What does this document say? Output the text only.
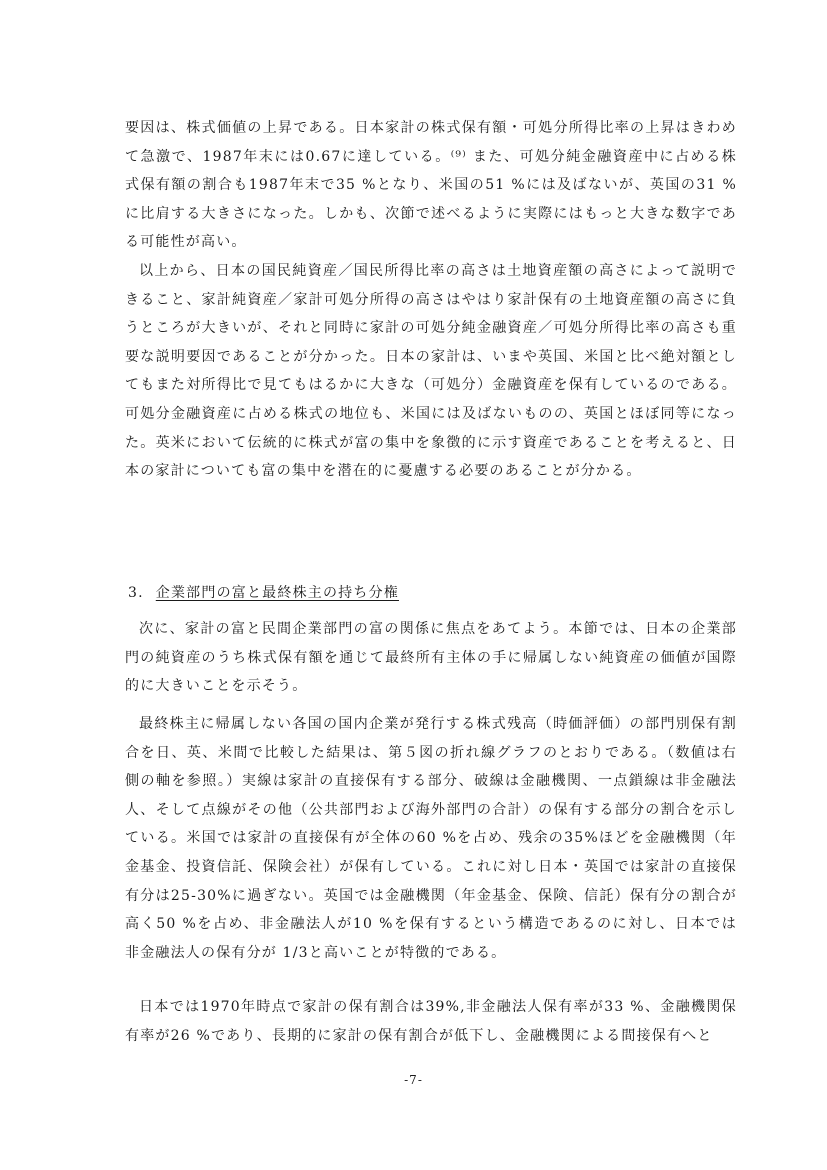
要因は、株式価値の上昇である。日本家計の株式保有額・可処分所得比率の上昇はきわめて急激で、1987年末には0.67に達している。⁽⁹⁾ また、可処分純金融資産中に占める株式保有額の割合も1987年末で35 %となり、米国の51 %には及ばないが、英国の31 %に比肩する大きさになった。しかも、次節で述べるように実際にはもっと大きな数字である可能性が高い。

以上から、日本の国民純資産／国民所得比率の高さは土地資産額の高さによって説明できること、家計純資産／家計可処分所得の高さはやはり家計保有の土地資産額の高さに負うところが大きいが、それと同時に家計の可処分純金融資産／可処分所得比率の高さも重要な説明要因であることが分かった。日本の家計は、いまや英国、米国と比べ絶対額としてもまた対所得比で見てもはるかに大きな（可処分）金融資産を保有しているのである。可処分金融資産に占める株式の地位も、米国には及ばないものの、英国とほぼ同等になった。英米において伝統的に株式が富の集中を象徴的に示す資産であることを考えると、日本の家計についても富の集中を潜在的に憂慮する必要のあることが分かる。

3. 企業部門の富と最終株主の持ち分権

次に、家計の富と民間企業部門の富の関係に焦点をあてよう。本節では、日本の企業部門の純資産のうち株式保有額を通じて最終所有主体の手に帰属しない純資産の価値が国際的に大きいことを示そう。

最終株主に帰属しない各国の国内企業が発行する株式残高（時価評価）の部門別保有割合を日、英、米間で比較した結果は、第５図の折れ線グラフのとおりである。（数値は右側の軸を参照。）実線は家計の直接保有する部分、破線は金融機関、一点鎖線は非金融法人、そして点線がその他（公共部門および海外部門の合計）の保有する部分の割合を示している。米国では家計の直接保有が全体の60 %を占め、残余の35%ほどを金融機関（年金基金、投資信託、保険会社）が保有している。これに対し日本・英国では家計の直接保有分は25-30%に過ぎない。英国では金融機関（年金基金、保険、信託）保有分の割合が高く50 %を占め、非金融法人が10 %を保有するという構造であるのに対し、日本では非金融法人の保有分が 1/3と高いことが特徴的である。

日本では1970年時点で家計の保有割合は39%,非金融法人保有率が33 %、金融機関保有率が26 %であり、長期的に家計の保有割合が低下し、金融機関による間接保有へと

-7-
